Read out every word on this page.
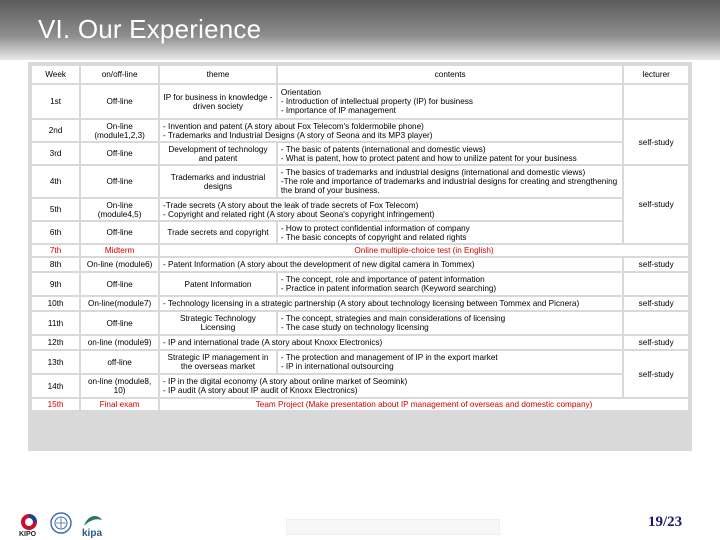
VI. Our Experience
Week	on/off-line	theme	contents	lecturer
1st	Off-line	IP for business in knowledge -driven society	Orientation
- Introduction of intellectual property (IP) for business
- Importance of IP management	
2nd	On-line (module1,2,3)	- Invention and patent (A story about Fox Telecom's foldermobile phone)
- Trademarks and Industrial Designs (A story of Seona and its MP3 player)		self-study
3rd	Off-line	Development of technology and patent	- The basic of patents (international and domestic views)
- What is patent, how to protect patent and how to unilize patent for your business	
4th	Off-line	Trademarks and industrial designs	- The basics of trademarks and industrial designs (international and domestic views)
-The role and importance of trademarks and industrial designs for creating and strengthening the brand of your business.	self-study
5th	On-line (module4,5)	-Trade secrets (A story about the leak of trade secrets of Fox Telecom)
- Copyright and related right (A story about Seona's copyright infringement)		
6th	Off-line	Trade secrets and copyright	- How to protect confidential information of company
- The basic concepts of copyright and related rights	
7th	Midterm	Online multiple-choice test (in English)		
8th	On-line (module6)	- Patent Information (A story about the development of new digital camera in Tommex)		self-study
9th	Off-line	Patent Information	- The concept, role and importance of patent information
- Practice in patent information search (Keyword searching)	
10th	On-line(module7)	- Technology licensing in a strategic partnership (A story about technology licensing between Tommex and Picnera)		self-study
11th	Off-line	Strategic Technology Licensing	- The concept, strategies and main considerations of licensing
- The case study on technology licensing	
12th	on-line (module9)	- IP and international trade (A story about Knoxx Electronics)		self-study
13th	off-line	Strategic IP management in the overseas market	- The protection and management of IP in the export market
- IP in international outsourcing	self-study
14th	on-line (module8, 10)	- IP in the digital economy (A story about online market of Seomink)
- IP audit (A story about IP audit of Knoxx Electronics)		
15th	Final exam	Team Project (Make presentation about IP management of overseas and domestic company)		
KIPO	kipa
19/23
